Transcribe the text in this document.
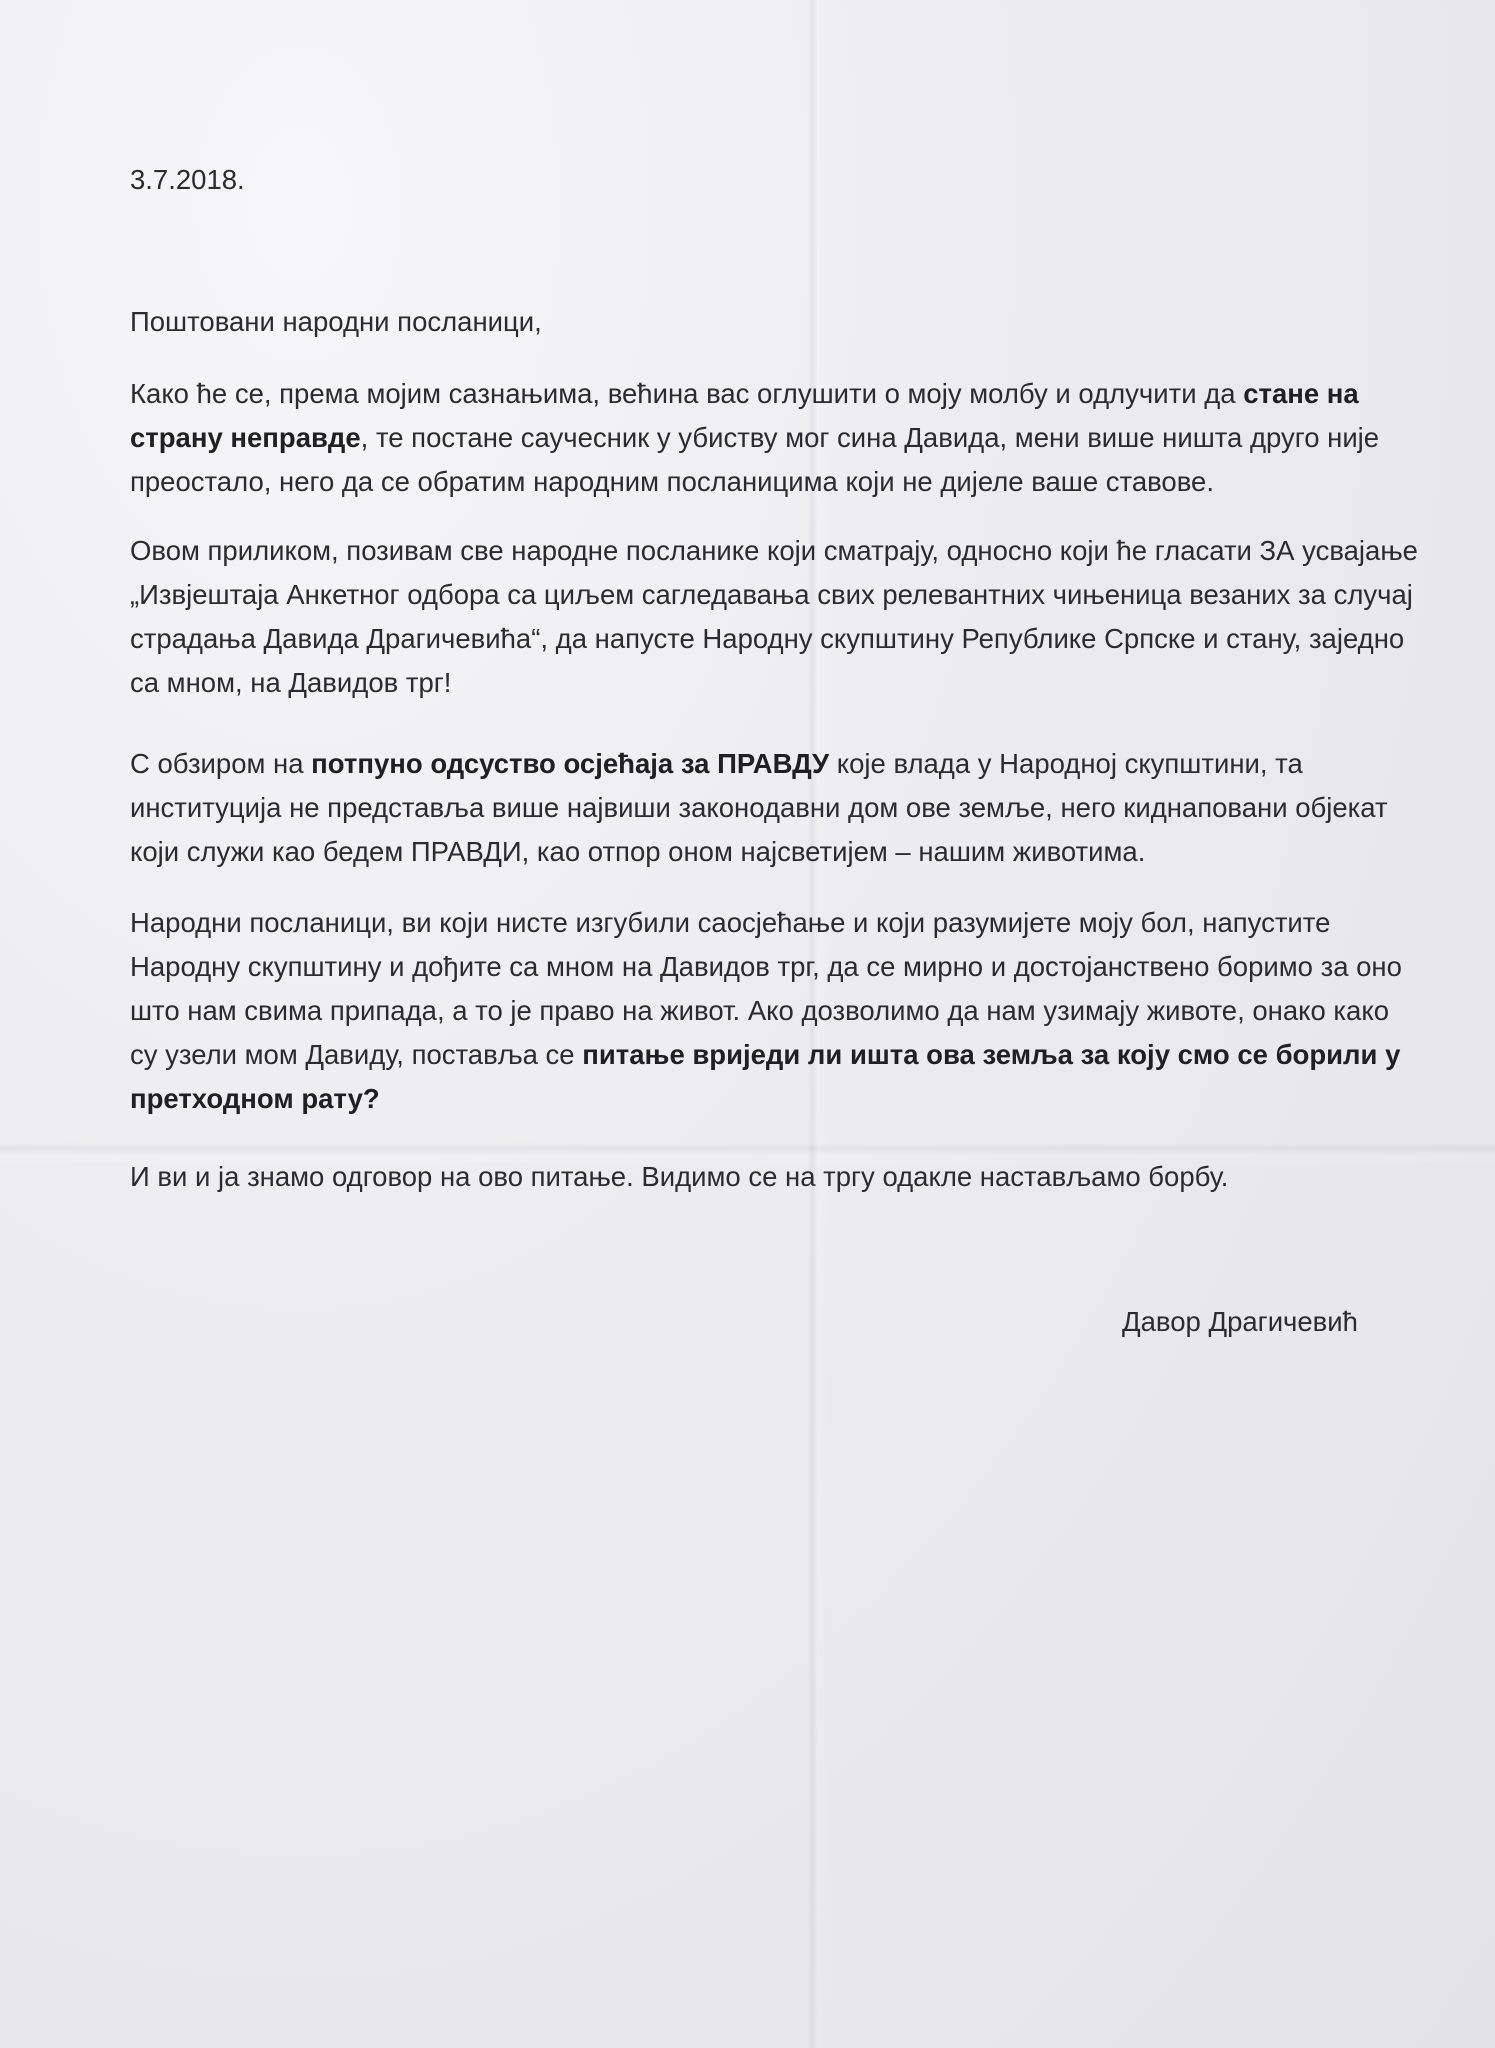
3.7.2018.

Поштовани народни посланици,

Како ће се, према мојим сазнањима, већина вас оглушити о моју молбу и одлучити да стане на страну неправде, те постане саучесник у убиству мог сина Давида, мени више ништа друго није преостало, него да се обратим народним посланицима који не дијеле ваше ставове.

Овом приликом, позивам све народне посланике који сматрају, односно који ће гласати ЗА усвајање „Извјештаја Анкетног одбора са циљем сагледавања свих релевантних чињеница везаних за случај страдања Давида Драгичевића“, да напусте Народну скупштину Републике Српске и стану, заједно са мном, на Давидов трг!

С обзиром на потпуно одсуство осјећаја за ПРАВДУ које влада у Народној скупштини, та институција не представља више највиши законодавни дом ове земље, него киднаповани објекат који служи као бедем ПРАВДИ, као отпор оном најсветијем – нашим животима.

Народни посланици, ви који нисте изгубили саосјећање и који разумијете моју бол, напустите Народну скупштину и дођите са мном на Давидов трг, да се мирно и достојанствено боримо за оно што нам свима припада, а то је право на живот. Ако дозволимо да нам узимају животе, онако како су узели мом Давиду, поставља се питање вриједи ли ишта ова земља за коју смо се борили у претходном рату?

И ви и ја знамо одговор на ово питање. Видимо се на тргу одакле настављамо борбу.

Давор Драгичевић
